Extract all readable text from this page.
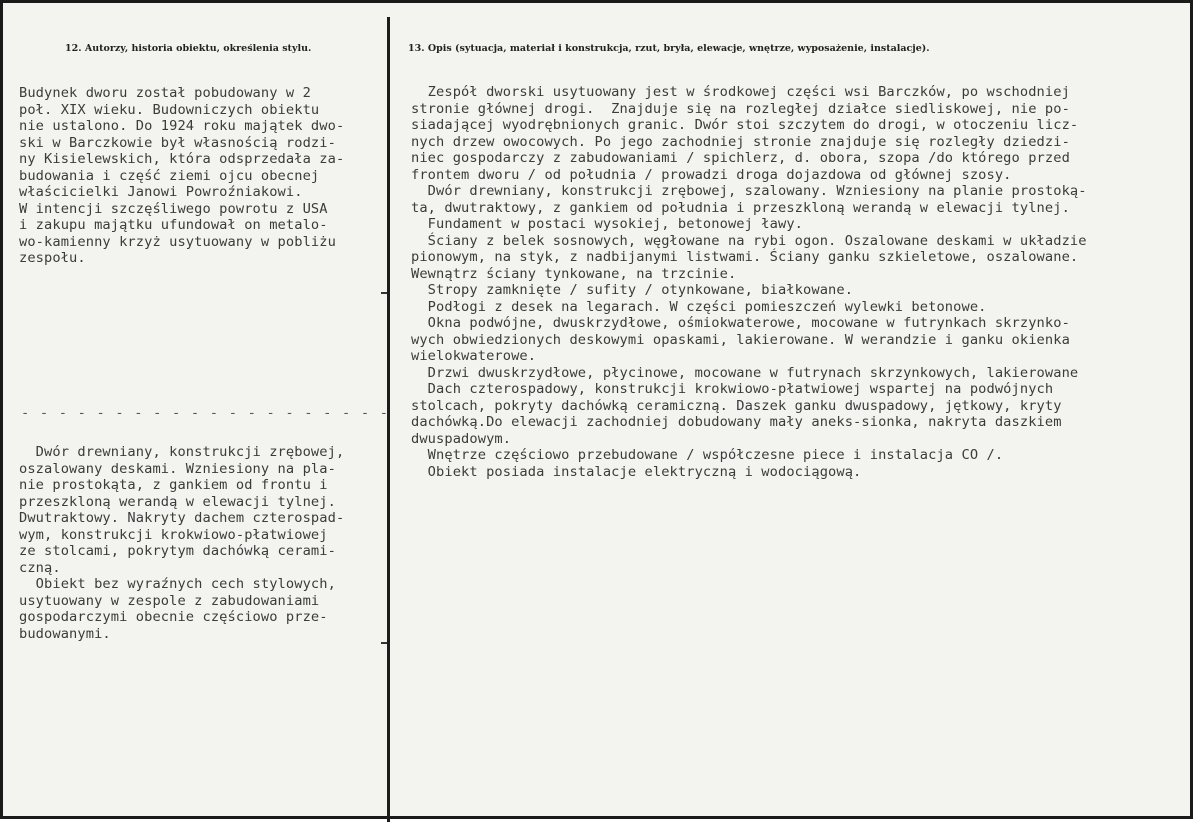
12. Autorzy, historia obiektu, określenia stylu.	13. Opis (sytuacja, materiał i konstrukcja, rzut, bryła, elewacje, wnętrze, wyposażenie, instalacje).
Budynek dworu został pobudowany w 2
poł. XIX wieku. Budowniczych obiektu
nie ustalono. Do 1924 roku majątek dwo-
ski w Barczkowie był własnością rodzi-
ny Kisielewskich, która odsprzedała za-
budowania i część ziemi ojcu obecnej
właścicielki Janowi Powroźniakowi.
W intencji szczęśliwego powrotu z USA
i zakupu majątku ufundował on metalo-
wo-kamienny krzyż usytuowany w pobliżu
zespołu.
- - - - - - - - - - - - - - - - - - - -
Dwór drewniany, konstrukcji zrębowej,
oszalowany deskami. Wzniesiony na pla-
nie prostokąta, z gankiem od frontu i
przeszkloną werandą w elewacji tylnej.
Dwutraktowy. Nakryty dachem czterospad-
wym, konstrukcji krokwiowo-płatwiowej
ze stolcami, pokrytym dachówką cerami-
czną.
Obiekt bez wyraźnych cech stylowych,
usytuowany w zespole z zabudowaniami
gospodarczymi obecnie częściowo prze-
budowanymi.
Zespół dworski usytuowany jest w środkowej części wsi Barczków, po wschodniej
stronie głównej drogi.  Znajduje się na rozległej działce siedliskowej, nie po-
siadającej wyodrębnionych granic. Dwór stoi szczytem do drogi, w otoczeniu licz-
nych drzew owocowych. Po jego zachodniej stronie znajduje się rozległy dziedzi-
niec gospodarczy z zabudowaniami / spichlerz, d. obora, szopa /do którego przed
frontem dworu / od południa / prowadzi droga dojazdowa od głównej szosy.
Dwór drewniany, konstrukcji zrębowej, szalowany. Wzniesiony na planie prostoką-
ta, dwutraktowy, z gankiem od południa i przeszkloną werandą w elewacji tylnej.
Fundament w postaci wysokiej, betonowej ławy.
Ściany z belek sosnowych, węgłowane na rybi ogon. Oszalowane deskami w układzie
pionowym, na styk, z nadbijanymi listwami. Ściany ganku szkieletowe, oszalowane.
Wewnątrz ściany tynkowane, na trzcinie.
Stropy zamknięte / sufity / otynkowane, białkowane.
Podłogi z desek na legarach. W części pomieszczeń wylewki betonowe.
Okna podwójne, dwuskrzydłowe, ośmiokwaterowe, mocowane w futrynkach skrzynko-
wych obwiedzionych deskowymi opaskami, lakierowane. W werandzie i ganku okienka
wielokwaterowe.
Drzwi dwuskrzydłowe, płycinowe, mocowane w futrynach skrzynkowych, lakierowane
Dach czterospadowy, konstrukcji krokwiowo-płatwiowej wspartej na podwójnych
stolcach, pokryty dachówką ceramiczną. Daszek ganku dwuspadowy, jętkowy, kryty
dachówką.Do elewacji zachodniej dobudowany mały aneks-sionka, nakryta daszkiem
dwuspadowym.
Wnętrze częściowo przebudowane / współczesne piece i instalacja CO /.
Obiekt posiada instalacje elektryczną i wodociągową.
